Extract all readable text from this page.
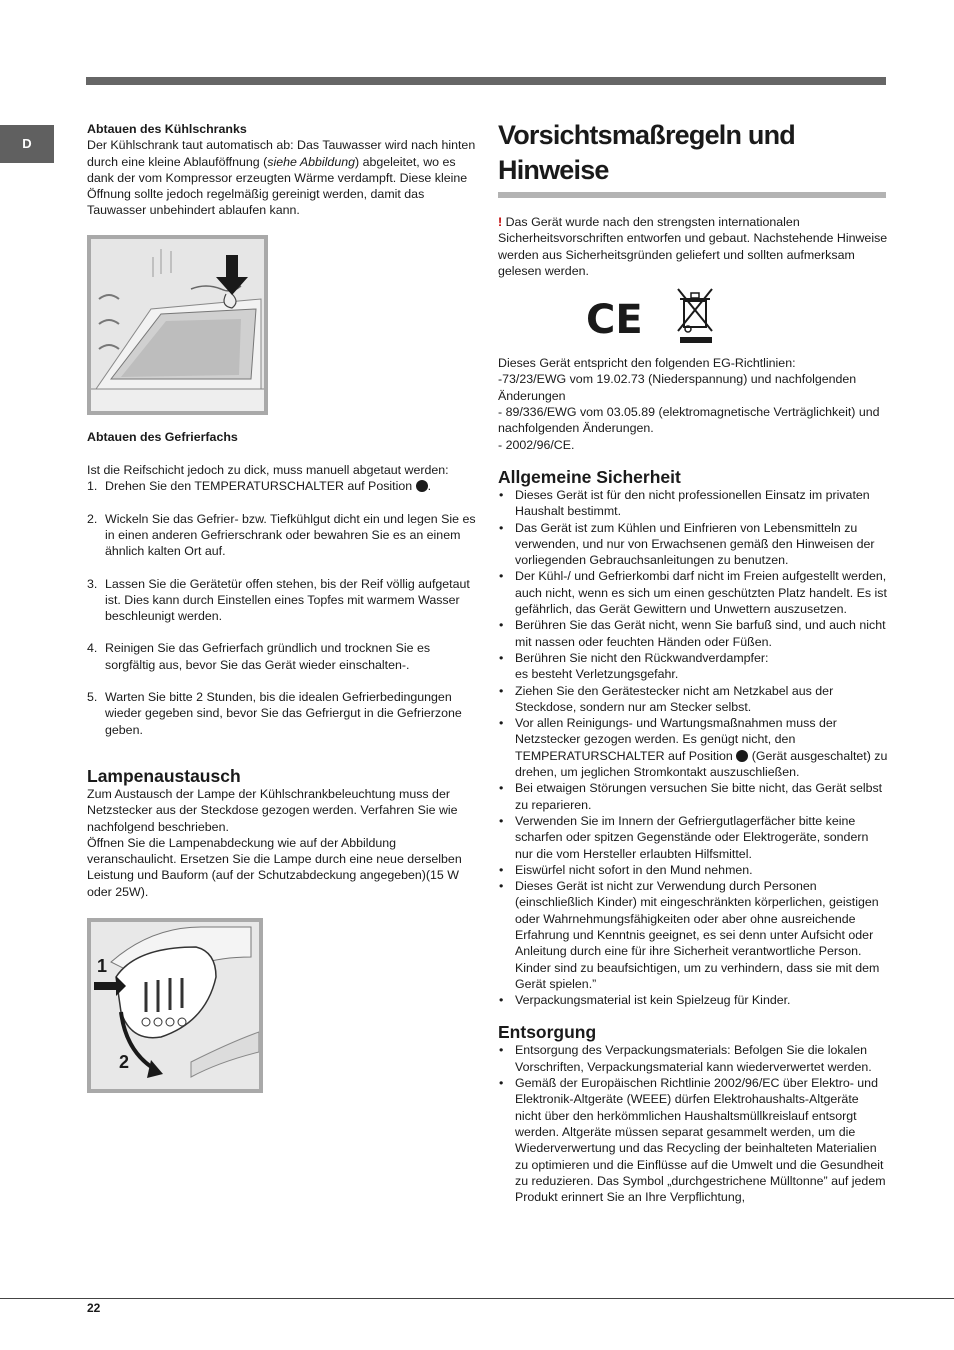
D

Abtauen des Kühlschranks

Der Kühlschrank taut automatisch ab: Das Tauwasser wird nach hinten durch eine kleine Ablauföffnung (siehe Abbildung) abgeleitet, wo es dank der vom Kompressor erzeugten Wärme verdampft. Diese kleine Öffnung sollte jedoch regelmäßig gereinigt werden, damit das Tauwasser unbehindert ablaufen kann.

Abtauen des Gefrierfachs

Ist die Reifschicht jedoch zu dick, muss manuell abgetaut werden:

1. Drehen Sie den TEMPERATURSCHALTER auf Position .
2. Wickeln Sie das Gefrier- bzw. Tiefkühlgut dicht ein und legen Sie es in einen anderen Gefrierschrank oder bewahren Sie es an einem ähnlich kalten Ort auf.
3. Lassen Sie die Gerätetür offen stehen, bis der Reif völlig aufgetaut ist. Dies kann durch Einstellen eines Topfes mit warmem Wasser beschleunigt werden.
4. Reinigen Sie das Gefrierfach gründlich und trocknen Sie es sorgfältig aus, bevor Sie das Gerät wieder einschalten-.
5. Warten Sie bitte 2 Stunden, bis die idealen Gefrierbedingungen wieder gegeben sind, bevor Sie das Gefriergut in die Gefrierzone geben.
Lampenaustausch

Zum Austausch der Lampe der Kühlschrankbeleuchtung muss der Netzstecker aus der Steckdose gezogen werden. Verfahren Sie wie nachfolgend beschrieben.

Öffnen Sie die Lampenabdeckung wie auf der Abbildung veranschaulicht. Ersetzen Sie die Lampe durch eine neue derselben Leistung und Bauform (auf der Schutzabdeckung angegeben)(15 W oder 25W).

1
2
Vorsichtsmaßregeln und
Hinweise

! Das Gerät wurde nach den strengsten internationalen Sicherheitsvorschriften entworfen und gebaut. Nachstehende Hinweise werden aus Sicherheitsgründen geliefert und sollten aufmerksam gelesen werden.

CE

Dieses Gerät entspricht den folgenden EG-Richtlinien:

-73/23/EWG vom 19.02.73 (Niederspannung) und nachfolgenden Änderungen

- 89/336/EWG vom 03.05.89 (elektromagnetische Verträglichkeit) und nachfolgenden Änderungen.

- 2002/96/CE.

Allgemeine Sicherheit
• Dieses Gerät ist für den nicht professionellen Einsatz im privaten Haushalt bestimmt.
• Das Gerät ist zum Kühlen und Einfrieren von Lebensmitteln zu verwenden, und nur von Erwachsenen gemäß den Hinweisen der vorliegenden Gebrauchsanleitungen zu benutzen.
• Der Kühl-/ und Gefrierkombi darf nicht im Freien aufgestellt werden, auch nicht, wenn es sich um einen geschützten Platz handelt. Es ist gefährlich, das Gerät Gewittern und Unwettern auszusetzen.
• Berühren Sie das Gerät nicht, wenn Sie barfuß sind, und auch nicht mit nassen oder feuchten Händen oder Füßen.
• Berühren Sie nicht den Rückwandverdampfer:
es besteht Verletzungsgefahr.
• Ziehen Sie den Gerätestecker nicht am Netzkabel aus der Steckdose, sondern nur am Stecker selbst.
• Vor allen Reinigungs- und Wartungsmaßnahmen muss der Netzstecker gezogen werden. Es genügt nicht, den
TEMPERATURSCHALTER auf Position (Gerät ausgeschaltet) zu drehen, um jeglichen Stromkontakt auszuschließen.
• Bei etwaigen Störungen versuchen Sie bitte nicht, das Gerät selbst zu reparieren.
• Verwenden Sie im Innern der Gefriergutlagerfächer bitte keine scharfen oder spitzen Gegenstände oder Elektrogeräte, sondern nur die vom Hersteller erlaubten Hilfsmittel.
• Eiswürfel nicht sofort in den Mund nehmen.
• Dieses Gerät ist nicht zur Verwendung durch Personen (einschließlich Kinder) mit eingeschränkten körperlichen, geistigen oder Wahrnehmungsfähigkeiten oder aber ohne ausreichende Erfahrung und Kenntnis geeignet, es sei denn unter Aufsicht oder Anleitung durch eine für ihre Sicherheit verantwortliche Person. Kinder sind zu beaufsichtigen, um zu verhindern, dass sie mit dem Gerät spielen.”
• Verpackungsmaterial ist kein Spielzeug für Kinder.
Entsorgung
• Entsorgung des Verpackungsmaterials: Befolgen Sie die lokalen Vorschriften, Verpackungsmaterial kann wiederverwertet werden.
• Gemäß der Europäischen Richtlinie 2002/96/EC über Elektro- und Elektronik-Altgeräte (WEEE) dürfen Elektrohaushalts-Altgeräte nicht über den herkömmlichen Haushaltsmüllkreislauf entsorgt werden. Altgeräte müssen separat gesammelt werden, um die Wiederverwertung und das Recycling der beinhalteten Materialien zu optimieren und die Einflüsse auf die Umwelt und die Gesundheit zu reduzieren. Das Symbol „durchgestrichene Mülltonne” auf jedem Produkt erinnert Sie an Ihre Verpflichtung,
22
